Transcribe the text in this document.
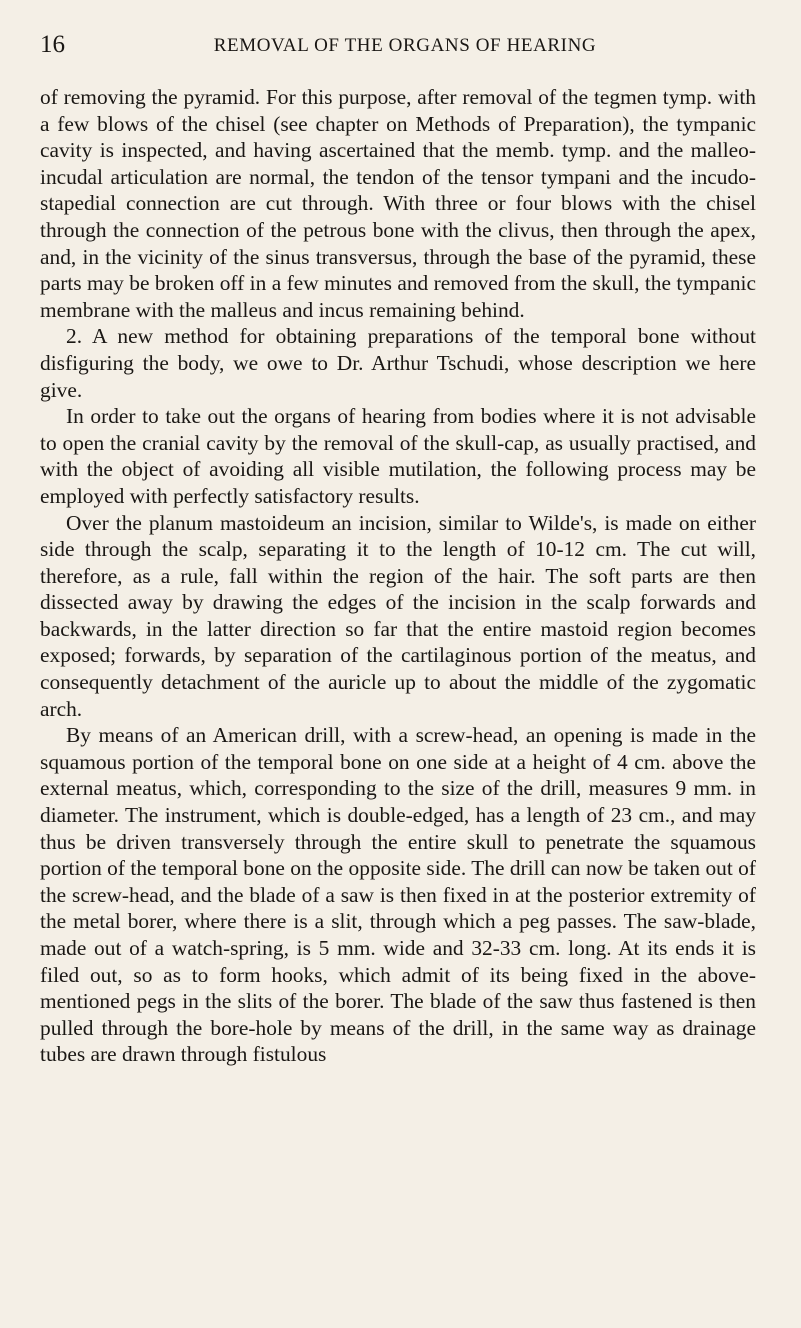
16	REMOVAL OF THE ORGANS OF HEARING

of removing the pyramid. For this purpose, after removal of the tegmen tymp. with a few blows of the chisel (see chapter on Methods of Preparation), the tympanic cavity is inspected, and having ascertained that the memb. tymp. and the malleo-incudal articulation are normal, the tendon of the tensor tympani and the incudo-stapedial connection are cut through. With three or four blows with the chisel through the connection of the petrous bone with the clivus, then through the apex, and, in the vicinity of the sinus transversus, through the base of the pyramid, these parts may be broken off in a few minutes and removed from the skull, the tympanic membrane with the malleus and incus remaining behind.

2. A new method for obtaining preparations of the temporal bone without disfiguring the body, we owe to Dr. Arthur Tschudi, whose description we here give.

In order to take out the organs of hearing from bodies where it is not advisable to open the cranial cavity by the removal of the skull-cap, as usually practised, and with the object of avoiding all visible mutilation, the following process may be employed with perfectly satisfactory results.

Over the planum mastoideum an incision, similar to Wilde's, is made on either side through the scalp, separating it to the length of 10-12 cm. The cut will, therefore, as a rule, fall within the region of the hair. The soft parts are then dissected away by drawing the edges of the incision in the scalp forwards and backwards, in the latter direction so far that the entire mastoid region becomes exposed; forwards, by separation of the cartilaginous portion of the meatus, and consequently detachment of the auricle up to about the middle of the zygomatic arch.

By means of an American drill, with a screw-head, an opening is made in the squamous portion of the temporal bone on one side at a height of 4 cm. above the external meatus, which, corresponding to the size of the drill, measures 9 mm. in diameter. The instrument, which is double-edged, has a length of 23 cm., and may thus be driven transversely through the entire skull to penetrate the squamous portion of the temporal bone on the opposite side. The drill can now be taken out of the screw-head, and the blade of a saw is then fixed in at the posterior extremity of the metal borer, where there is a slit, through which a peg passes. The saw-blade, made out of a watch-spring, is 5 mm. wide and 32-33 cm. long. At its ends it is filed out, so as to form hooks, which admit of its being fixed in the above-mentioned pegs in the slits of the borer. The blade of the saw thus fastened is then pulled through the bore-hole by means of the drill, in the same way as drainage tubes are drawn through fistulous
